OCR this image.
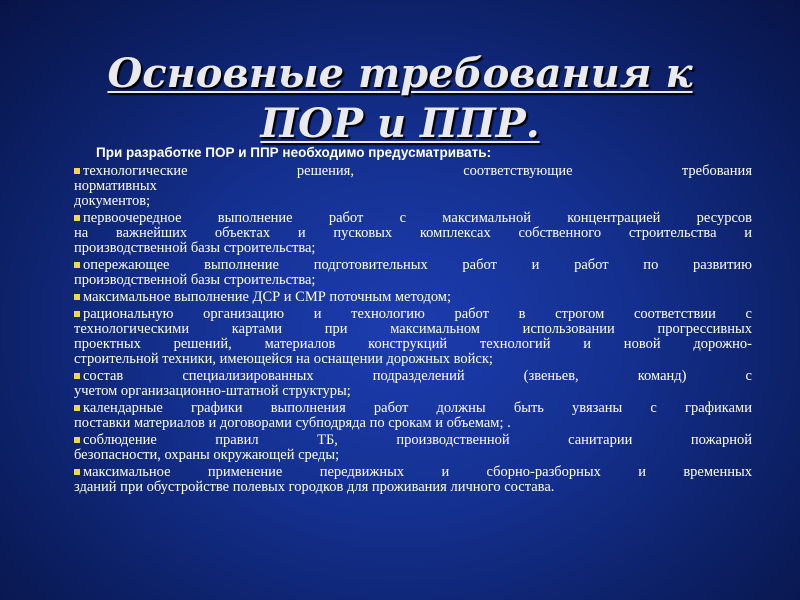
Основные требования к
ПОР и ППР.
При разработке ПОР и ППР необходимо предусматривать:
технологические решения, соответствующие требования
нормативных
документов;
первоочередное выполнение работ с максимальной концентрацией ресурсов
на важнейших объектах и пусковых комплексах собственного строительства и
производственной базы строительства;
опережающее выполнение подготовительных работ и работ по развитию
производственной базы строительства;
максимальное выполнение ДСР и СМР поточным методом;
рациональную организацию и технологию работ в строгом соответствии с
технологическими картами при максимальном использовании прогрессивных
проектных решений, материалов конструкций технологий и новой дорожно-
строительной техники, имеющейся на оснащении дорожных войск;
состав специализированных подразделений (звеньев, команд) с
учетом организационно-штатной структуры;
календарные графики выполнения работ должны быть увязаны с графиками
поставки материалов и договорами субподряда по срокам и объемам; .
соблюдение правил ТБ, производственной санитарии пожарной
безопасности, охраны окружающей среды;
максимальное применение передвижных и сборно-разборных и временных
зданий при обустройстве полевых городков для проживания личного состава.
